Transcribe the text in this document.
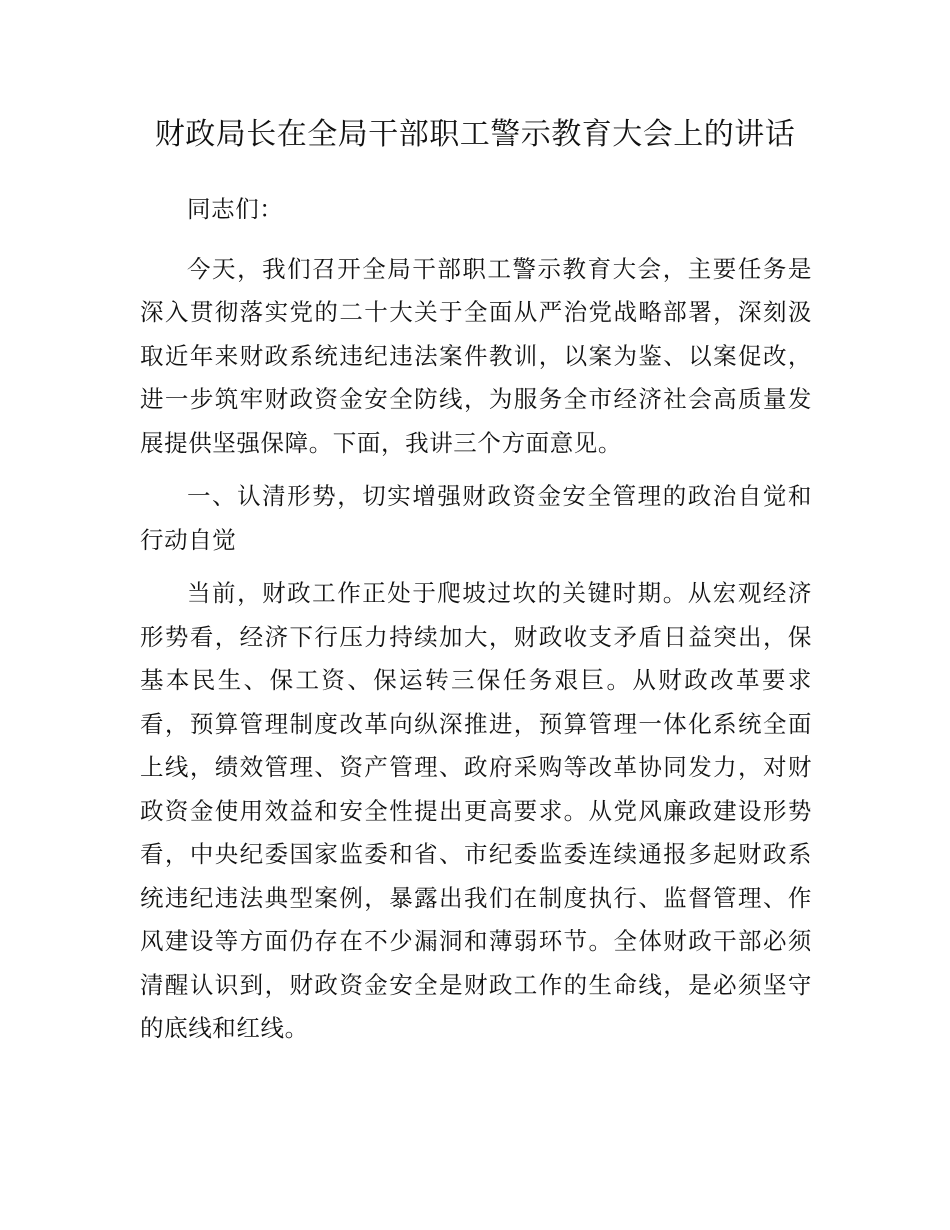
财政局长在全局干部职工警示教育大会上的讲话

同志们：

今天，我们召开全局干部职工警示教育大会，主要任务是深入贯彻落实党的二十大关于全面从严治党战略部署，深刻汲取近年来财政系统违纪违法案件教训，以案为鉴、以案促改，进一步筑牢财政资金安全防线，为服务全市经济社会高质量发展提供坚强保障。下面，我讲三个方面意见。

一、认清形势，切实增强财政资金安全管理的政治自觉和行动自觉

当前，财政工作正处于爬坡过坎的关键时期。从宏观经济形势看，经济下行压力持续加大，财政收支矛盾日益突出，保基本民生、保工资、保运转三保任务艰巨。从财政改革要求看，预算管理制度改革向纵深推进，预算管理一体化系统全面上线，绩效管理、资产管理、政府采购等改革协同发力，对财政资金使用效益和安全性提出更高要求。从党风廉政建设形势看，中央纪委国家监委和省、市纪委监委连续通报多起财政系统违纪违法典型案例，暴露出我们在制度执行、监督管理、作风建设等方面仍存在不少漏洞和薄弱环节。全体财政干部必须清醒认识到，财政资金安全是财政工作的生命线，是必须坚守的底线和红线。
